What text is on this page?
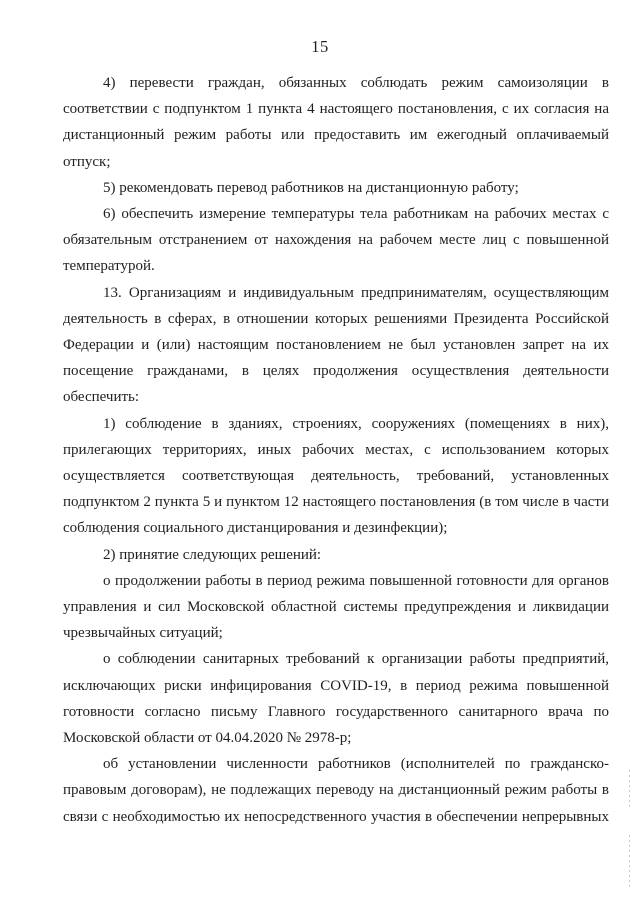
15

4) перевести граждан, обязанных соблюдать режим самоизоляции в соответствии с подпунктом 1 пункта 4 настоящего постановления, с их согласия на дистанционный режим работы или предоставить им ежегодный оплачиваемый отпуск;

5) рекомендовать перевод работников на дистанционную работу;

6) обеспечить измерение температуры тела работникам на рабочих местах с обязательным отстранением от нахождения на рабочем месте лиц с повышенной температурой.

13. Организациям и индивидуальным предпринимателям, осуществляющим деятельность в сферах, в отношении которых решениями Президента Российской Федерации и (или) настоящим постановлением не был установлен запрет на их посещение гражданами, в целях продолжения осуществления деятельности обеспечить:

1) соблюдение в зданиях, строениях, сооружениях (помещениях в них), прилегающих территориях, иных рабочих местах, с использованием которых осуществляется соответствующая деятельность, требований, установленных подпунктом 2 пункта 5 и пунктом 12 настоящего постановления (в том числе в части соблюдения социального дистанцирования и дезинфекции);

2) принятие следующих решений:

о продолжении работы в период режима повышенной готовности для органов управления и сил Московской областной системы предупреждения и ликвидации чрезвычайных ситуаций;

о соблюдении санитарных требований к организации работы предприятий, исключающих риски инфицирования COVID-19, в период режима повышенной готовности согласно письму Главного государственного санитарного врача по Московской области от 04.04.2020 № 2978-р;

об установлении численности работников (исполнителей по гражданско-правовым договорам), не подлежащих переводу на дистанционный режим работы в связи с необходимостью их непосредственного участия в обеспечении непрерывных
